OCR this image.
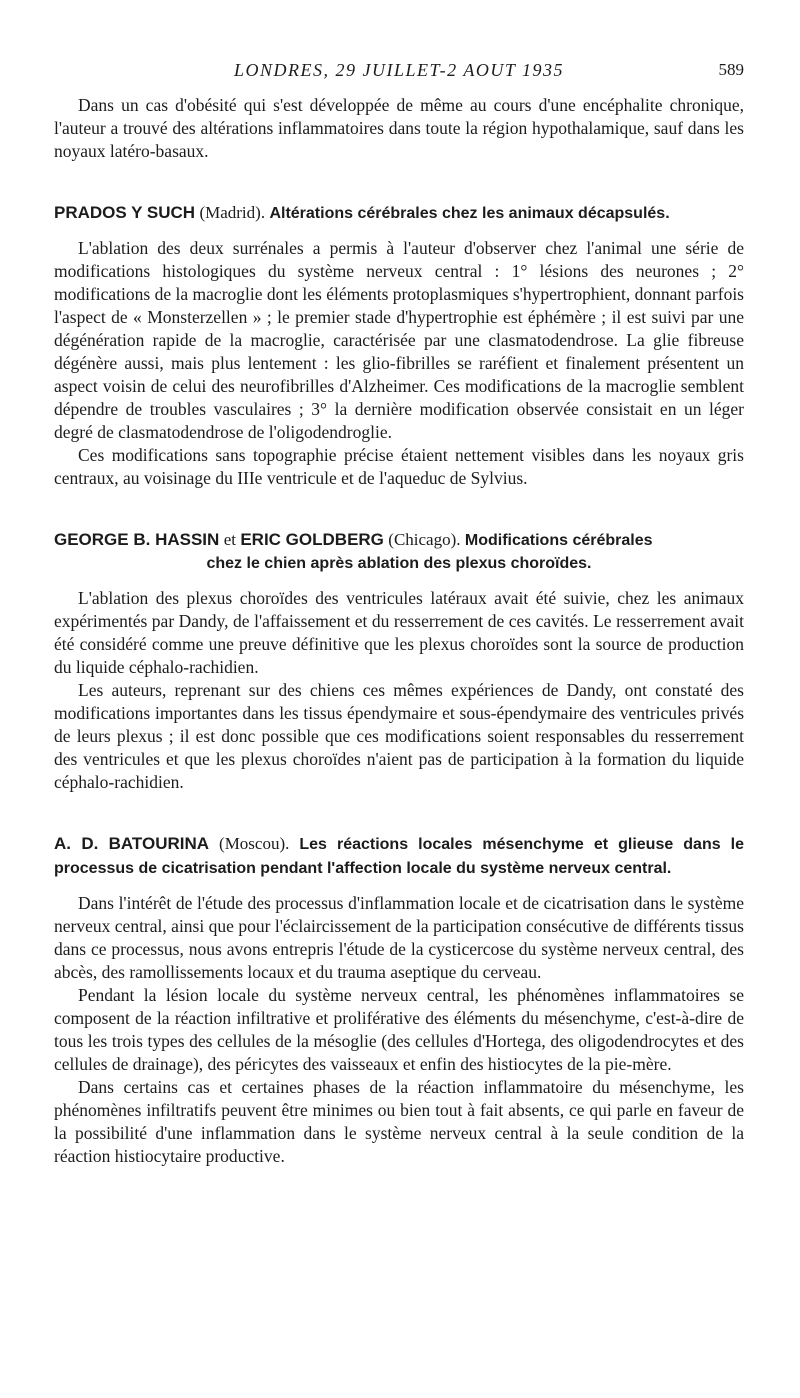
LONDRES, 29 JUILLET-2 AOUT 1935	589

Dans un cas d'obésité qui s'est développée de même au cours d'une encéphalite chronique, l'auteur a trouvé des altérations inflammatoires dans toute la région hypothalamique, sauf dans les noyaux latéro-basaux.

PRADOS Y SUCH (Madrid). Altérations cérébrales chez les animaux décapsulés.

L'ablation des deux surrénales a permis à l'auteur d'observer chez l'animal une série de modifications histologiques du système nerveux central : 1° lésions des neurones ; 2° modifications de la macroglie dont les éléments protoplasmiques s'hypertrophient, donnant parfois l'aspect de « Monsterzellen » ; le premier stade d'hypertrophie est éphémère ; il est suivi par une dégénération rapide de la macroglie, caractérisée par une clasmatodendrose. La glie fibreuse dégénère aussi, mais plus lentement : les glio-fibrilles se raréfient et finalement présentent un aspect voisin de celui des neurofibrilles d'Alzheimer. Ces modifications de la macroglie semblent dépendre de troubles vasculaires ; 3° la dernière modification observée consistait en un léger degré de clasmatodendrose de l'oligodendroglie.

Ces modifications sans topographie précise étaient nettement visibles dans les noyaux gris centraux, au voisinage du IIIe ventricule et de l'aqueduc de Sylvius.

GEORGE B. HASSIN et ERIC GOLDBERG (Chicago). Modifications cérébrales
chez le chien après ablation des plexus choroïdes.

L'ablation des plexus choroïdes des ventricules latéraux avait été suivie, chez les animaux expérimentés par Dandy, de l'affaissement et du resserrement de ces cavités. Le resserrement avait été considéré comme une preuve définitive que les plexus choroïdes sont la source de production du liquide céphalo-rachidien.

Les auteurs, reprenant sur des chiens ces mêmes expériences de Dandy, ont constaté des modifications importantes dans les tissus épendymaire et sous-épendymaire des ventricules privés de leurs plexus ; il est donc possible que ces modifications soient responsables du resserrement des ventricules et que les plexus choroïdes n'aient pas de participation à la formation du liquide céphalo-rachidien.

A. D. BATOURINA (Moscou). Les réactions locales mésenchyme et glieuse dans le processus de cicatrisation pendant l'affection locale du système nerveux central.

Dans l'intérêt de l'étude des processus d'inflammation locale et de cicatrisation dans le système nerveux central, ainsi que pour l'éclaircissement de la participation consécutive de différents tissus dans ce processus, nous avons entrepris l'étude de la cysticercose du système nerveux central, des abcès, des ramollissements locaux et du trauma aseptique du cerveau.

Pendant la lésion locale du système nerveux central, les phénomènes inflammatoires se composent de la réaction infiltrative et proliférative des éléments du mésenchyme, c'est-à-dire de tous les trois types des cellules de la mésoglie (des cellules d'Hortega, des oligodendrocytes et des cellules de drainage), des péricytes des vaisseaux et enfin des histiocytes de la pie-mère.

Dans certains cas et certaines phases de la réaction inflammatoire du mésenchyme, les phénomènes infiltratifs peuvent être minimes ou bien tout à fait absents, ce qui parle en faveur de la possibilité d'une inflammation dans le système nerveux central à la seule condition de la réaction histiocytaire productive.
